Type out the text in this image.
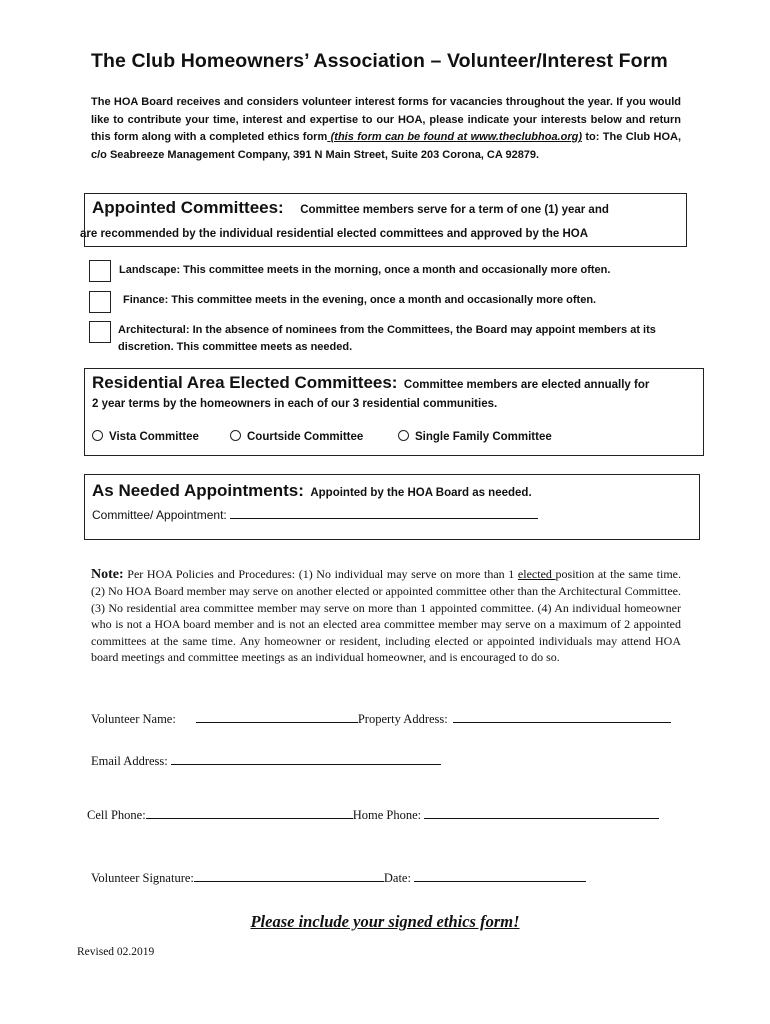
The Club Homeowners’ Association – Volunteer/Interest Form
The HOA Board receives and considers volunteer interest forms for vacancies throughout the year. If you would like to contribute your time, interest and expertise to our HOA, please indicate your interests below and return this form along with a completed ethics form (this form can be found at www.theclubhoa.org) to: The Club HOA, c/o Seabreeze Management Company, 391 N Main Street, Suite 203 Corona, CA 92879.
Appointed Committees: Committee members serve for a term of one (1) year and
are recommended by the individual residential elected committees and approved by the HOA
Landscape: This committee meets in the morning, once a month and occasionally more often.
Finance: This committee meets in the evening, once a month and occasionally more often.
Architectural: In the absence of nominees from the Committees, the Board may appoint members at its discretion. This committee meets as needed.
Residential Area Elected Committees: Committee members are elected annually for
2 year terms by the homeowners in each of our 3 residential communities.
Vista Committee	Courtside Committee	Single Family Committee
As Needed Appointments: Appointed by the HOA Board as needed.
Committee/ Appointment:
Note: Per HOA Policies and Procedures: (1) No individual may serve on more than 1 elected position at the same time. (2) No HOA Board member may serve on another elected or appointed committee other than the Architectural Committee. (3) No residential area committee member may serve on more than 1 appointed committee. (4) An individual homeowner who is not a HOA board member and is not an elected area committee member may serve on a maximum of 2 appointed committees at the same time. Any homeowner or resident, including elected or appointed individuals may attend HOA board meetings and committee meetings as an individual homeowner, and is encouraged to do so.
Volunteer Name:	Property Address:
Email Address:
Cell Phone:	Home Phone:
Volunteer Signature:	Date:
Please include your signed ethics form!
Revised 02.2019
